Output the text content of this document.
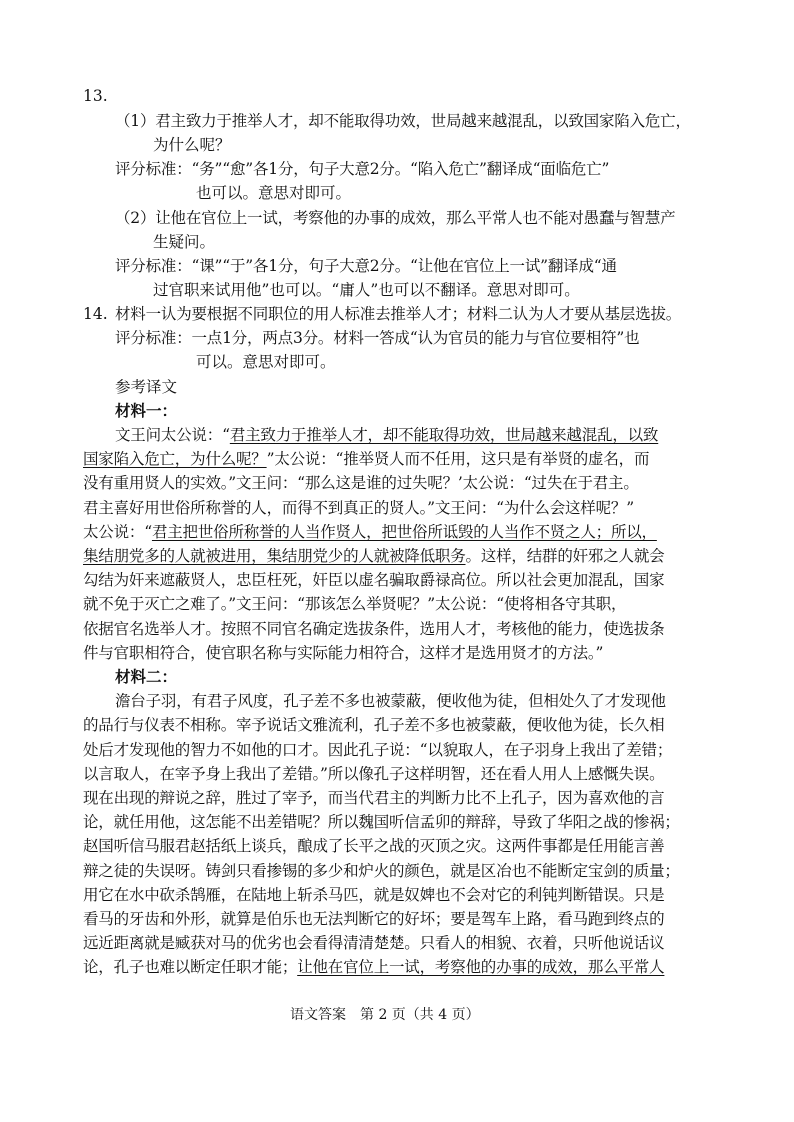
13.
（1）君主致力于推举人才，却不能取得功效，世局越来越混乱，以致国家陷入危亡，
为什么呢？
评分标准：“务”“愈”各1分，句子大意2分。“陷入危亡”翻译成“面临危亡”
也可以。意思对即可。
（2）让他在官位上一试，考察他的办事的成效，那么平常人也不能对愚蠢与智慧产
生疑问。
评分标准：“课”“于”各1分，句子大意2分。“让他在官位上一试”翻译成“通
过官职来试用他”也可以。“庸人”也可以不翻译。意思对即可。
14. 材料一认为要根据不同职位的用人标准去推举人才；材料二认为人才要从基层选拔。
评分标准：一点1分，两点3分。材料一答成“认为官员的能力与官位要相符”也
可以。意思对即可。
参考译文
材料一：
文王问太公说：“君主致力于推举人才，却不能取得功效，世局越来越混乱，以致
国家陷入危亡，为什么呢？”太公说：“推举贤人而不任用，这只是有举贤的虚名，而
没有重用贤人的实效。”文王问：“那么这是谁的过失呢？’太公说：“过失在于君主。
君主喜好用世俗所称誉的人，而得不到真正的贤人。”文王问：“为什么会这样呢？”
太公说：“君主把世俗所称誉的人当作贤人，把世俗所诋毁的人当作不贤之人；所以，
集结朋党多的人就被进用，集结朋党少的人就被降低职务。这样，结群的奸邪之人就会
勾结为奸来遮蔽贤人，忠臣枉死，奸臣以虚名骗取爵禄高位。所以社会更加混乱，国家
就不免于灭亡之难了。”文王问：“那该怎么举贤呢？”太公说：“使将相各守其职，
依据官名选举人才。按照不同官名确定选拔条件，选用人才，考核他的能力，使选拔条
件与官职相符合，使官职名称与实际能力相符合，这样才是选用贤才的方法。”
材料二：
澹台子羽，有君子风度，孔子差不多也被蒙蔽，便收他为徒，但相处久了才发现他
的品行与仪表不相称。宰予说话文雅流利，孔子差不多也被蒙蔽，便收他为徒，长久相
处后才发现他的智力不如他的口才。因此孔子说：“以貌取人，在子羽身上我出了差错；
以言取人，在宰予身上我出了差错。”所以像孔子这样明智，还在看人用人上感慨失误。
现在出现的辩说之辞，胜过了宰予，而当代君主的判断力比不上孔子，因为喜欢他的言
论，就任用他，这怎能不出差错呢？所以魏国听信孟卯的辩辞，导致了华阳之战的惨祸；
赵国听信马服君赵括纸上谈兵，酿成了长平之战的灭顶之灾。这两件事都是任用能言善
辩之徒的失误呀。铸剑只看掺锡的多少和炉火的颜色，就是区冶也不能断定宝剑的质量；
用它在水中砍杀鹄雁，在陆地上斩杀马匹，就是奴婢也不会对它的利钝判断错误。只是
看马的牙齿和外形，就算是伯乐也无法判断它的好坏；要是驾车上路，看马跑到终点的
远近距离就是臧获对马的优劣也会看得清清楚楚。只看人的相貌、衣着，只听他说话议
论，孔子也难以断定任职才能；让他在官位上一试，考察他的办事的成效，那么平常人
语文答案　第 2 页（共 4 页）
